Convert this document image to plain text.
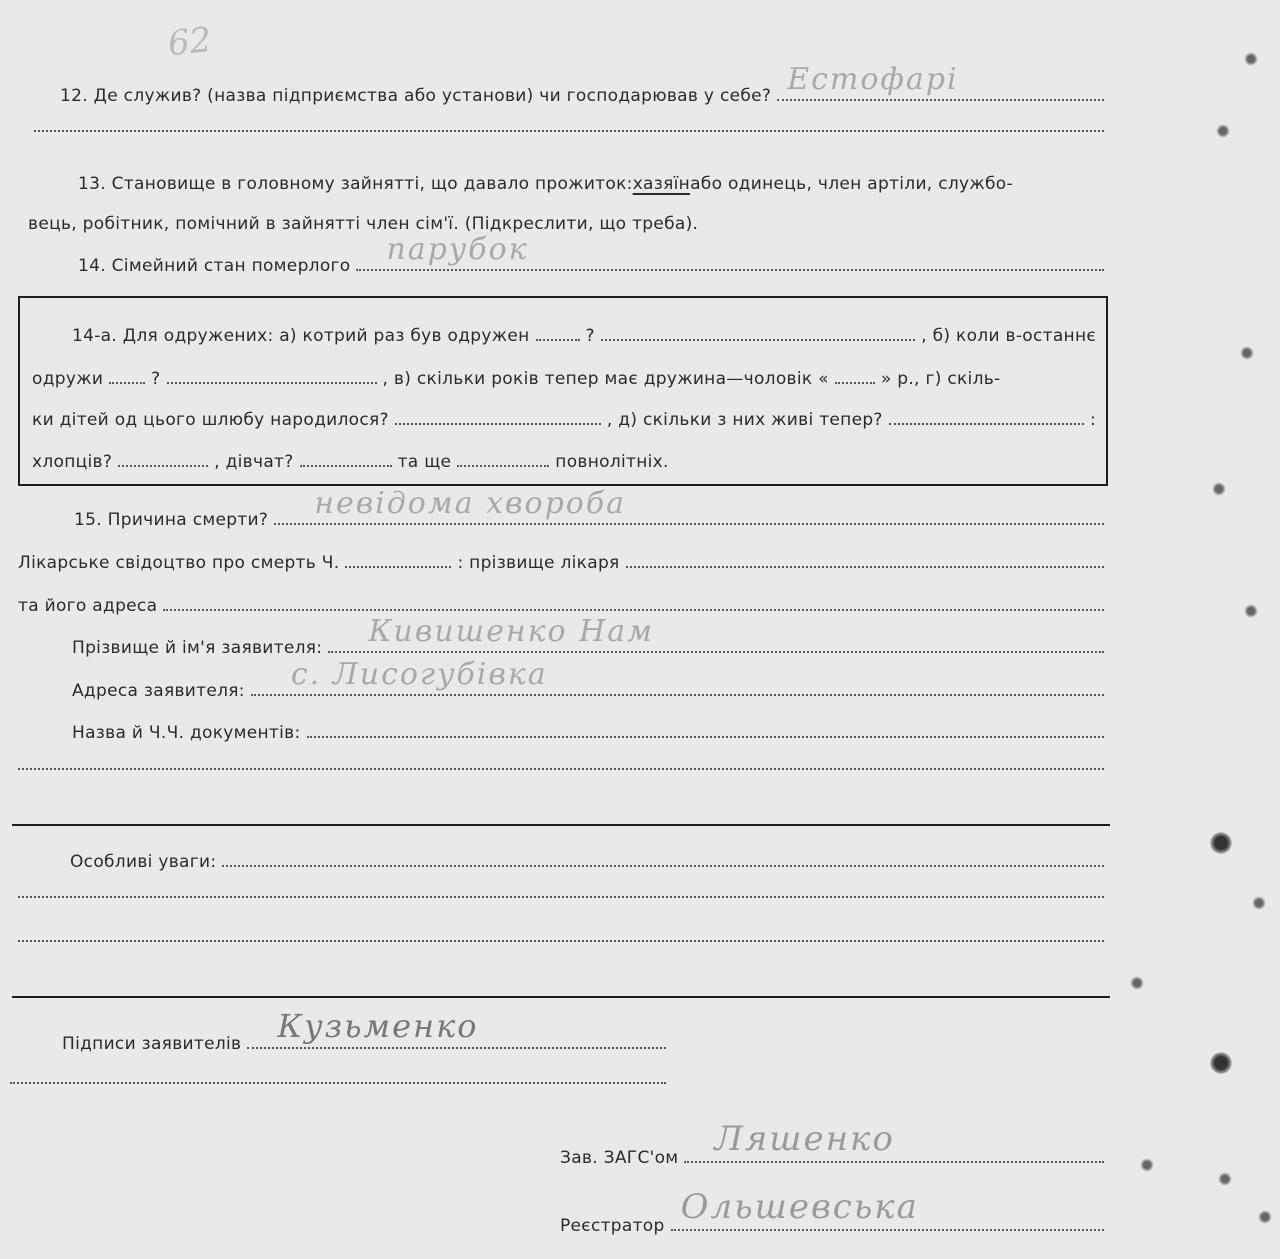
62
12. Де служив? (назва підприємства або установи) чи господарював у себе? Естофарі
13. Становище в головному зайнятті, що давало прожиток: хазяїн або одинець, член артіли, службо-
вець, робітник, помічний в зайнятті член сім'ї. (Підкреслити, що треба).
14. Сімейний стан померлого парубок
14-а. Для одружених: а) котрий раз був одружен	?	, б) коли в-останнє
одружи	?	, в) скільки років тепер має дружина—чоловік «	» р., г) скіль-
ки дітей од цього шлюбу народилося?	, д) скільки з них живі тепер?	:
хлопців?	, дівчат?	та ще	повнолітніх.
15. Причина смерти? невідомa хвороба
Лікарське свідоцтво про смерть Ч.	: прізвище лікаря
та його адреса
Прізвище й ім'я заявителя: Кивишенко Нам
Адреса заявителя: с. Лисогубівка
Назва й Ч.Ч. документів:
Особливі уваги:
Підписи заявителів Кузьменко
Зав. ЗАГС'ом Ляшенко
Реєстратор Ольшевська
